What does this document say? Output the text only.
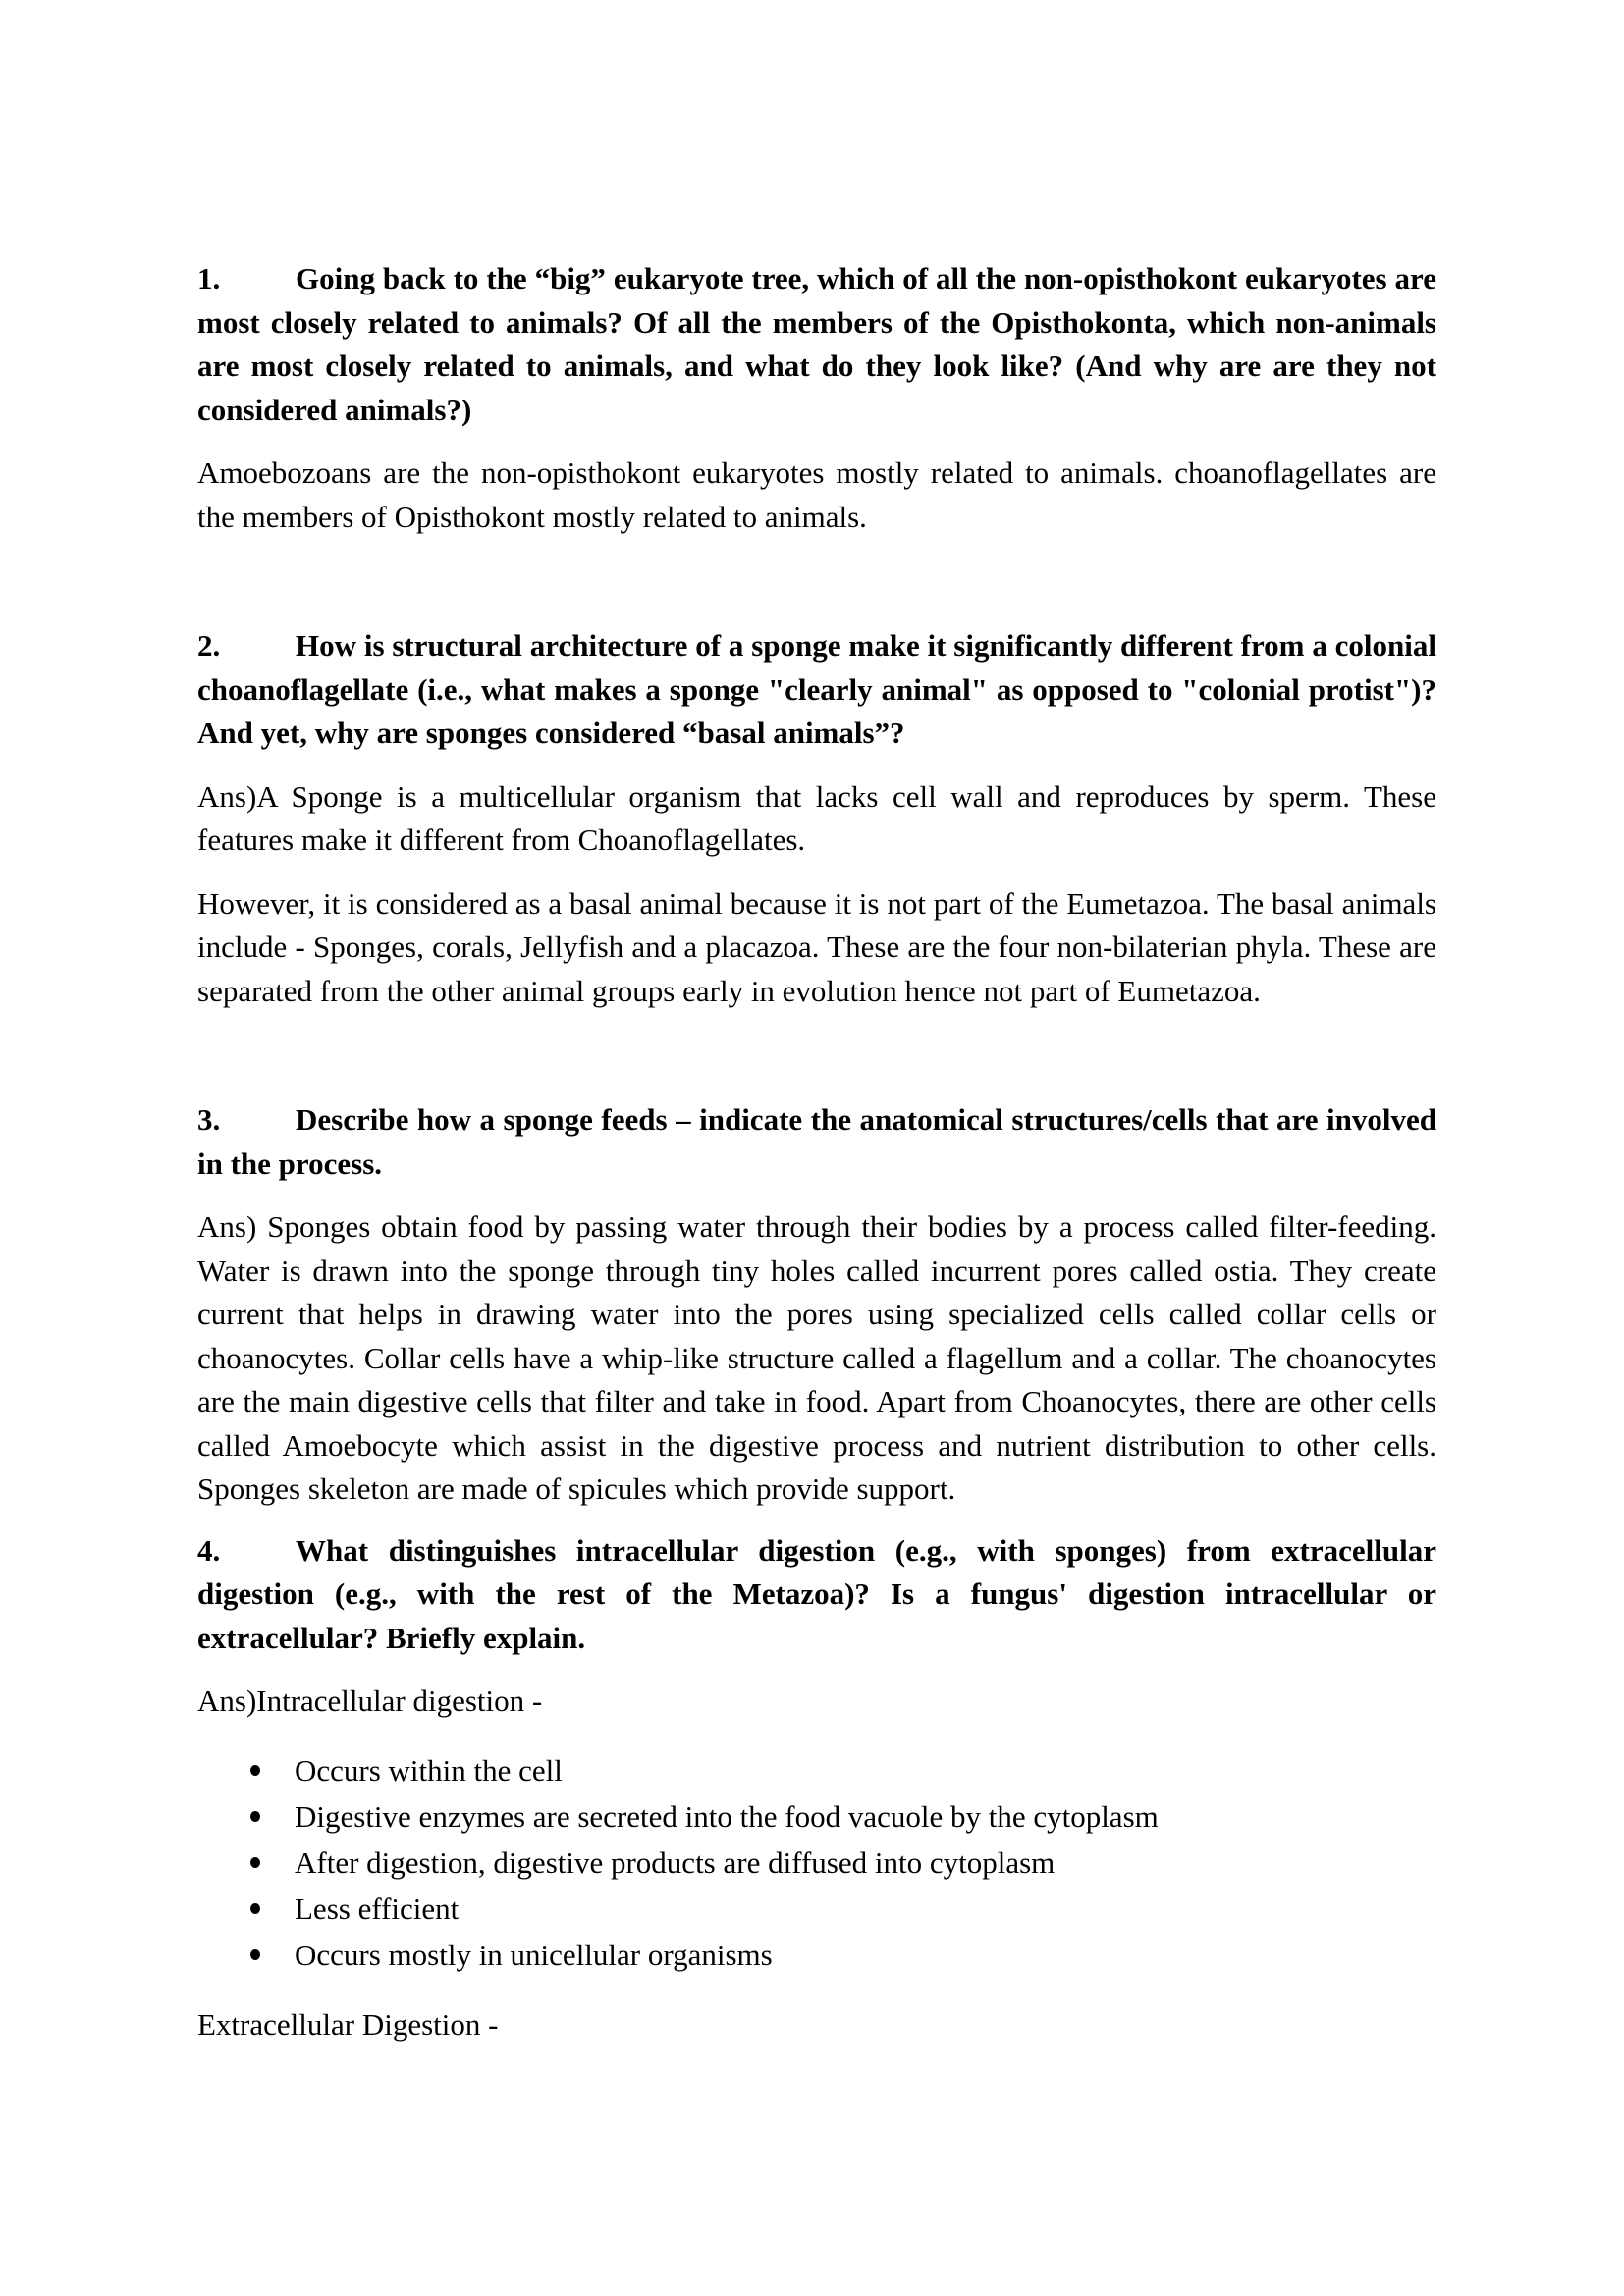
1. Going back to the “big” eukaryote tree, which of all the non-opisthokont eukaryotes are most closely related to animals? Of all the members of the Opisthokonta, which non-animals are most closely related to animals, and what do they look like? (And why are are they not considered animals?)

Amoebozoans are the non-opisthokont eukaryotes mostly related to animals. choanoflagellates are the members of Opisthokont mostly related to animals.

2. How is structural architecture of a sponge make it significantly different from a colonial choanoflagellate (i.e., what makes a sponge "clearly animal" as opposed to "colonial protist")? And yet, why are sponges considered “basal animals”?

Ans)A Sponge is a multicellular organism that lacks cell wall and reproduces by sperm. These features make it different from Choanoflagellates.

However, it is considered as a basal animal because it is not part of the Eumetazoa. The basal animals include - Sponges, corals, Jellyfish and a placazoa. These are the four non-bilaterian phyla. These are separated from the other animal groups early in evolution hence not part of Eumetazoa.

3. Describe how a sponge feeds – indicate the anatomical structures/cells that are involved in the process.

Ans) Sponges obtain food by passing water through their bodies by a process called filter-feeding. Water is drawn into the sponge through tiny holes called incurrent pores called ostia. They create current that helps in drawing water into the pores using specialized cells called collar cells or choanocytes. Collar cells have a whip-like structure called a flagellum and a collar. The choanocytes are the main digestive cells that filter and take in food. Apart from Choanocytes, there are other cells called Amoebocyte which assist in the digestive process and nutrient distribution to other cells. Sponges skeleton are made of spicules which provide support.

4. What distinguishes intracellular digestion (e.g., with sponges) from extracellular digestion (e.g., with the rest of the Metazoa)? Is a fungus' digestion intracellular or extracellular? Briefly explain.

Ans)Intracellular digestion -

Occurs within the cell
Digestive enzymes are secreted into the food vacuole by the cytoplasm
After digestion, digestive products are diffused into cytoplasm
Less efficient
Occurs mostly in unicellular organisms

Extracellular Digestion -
